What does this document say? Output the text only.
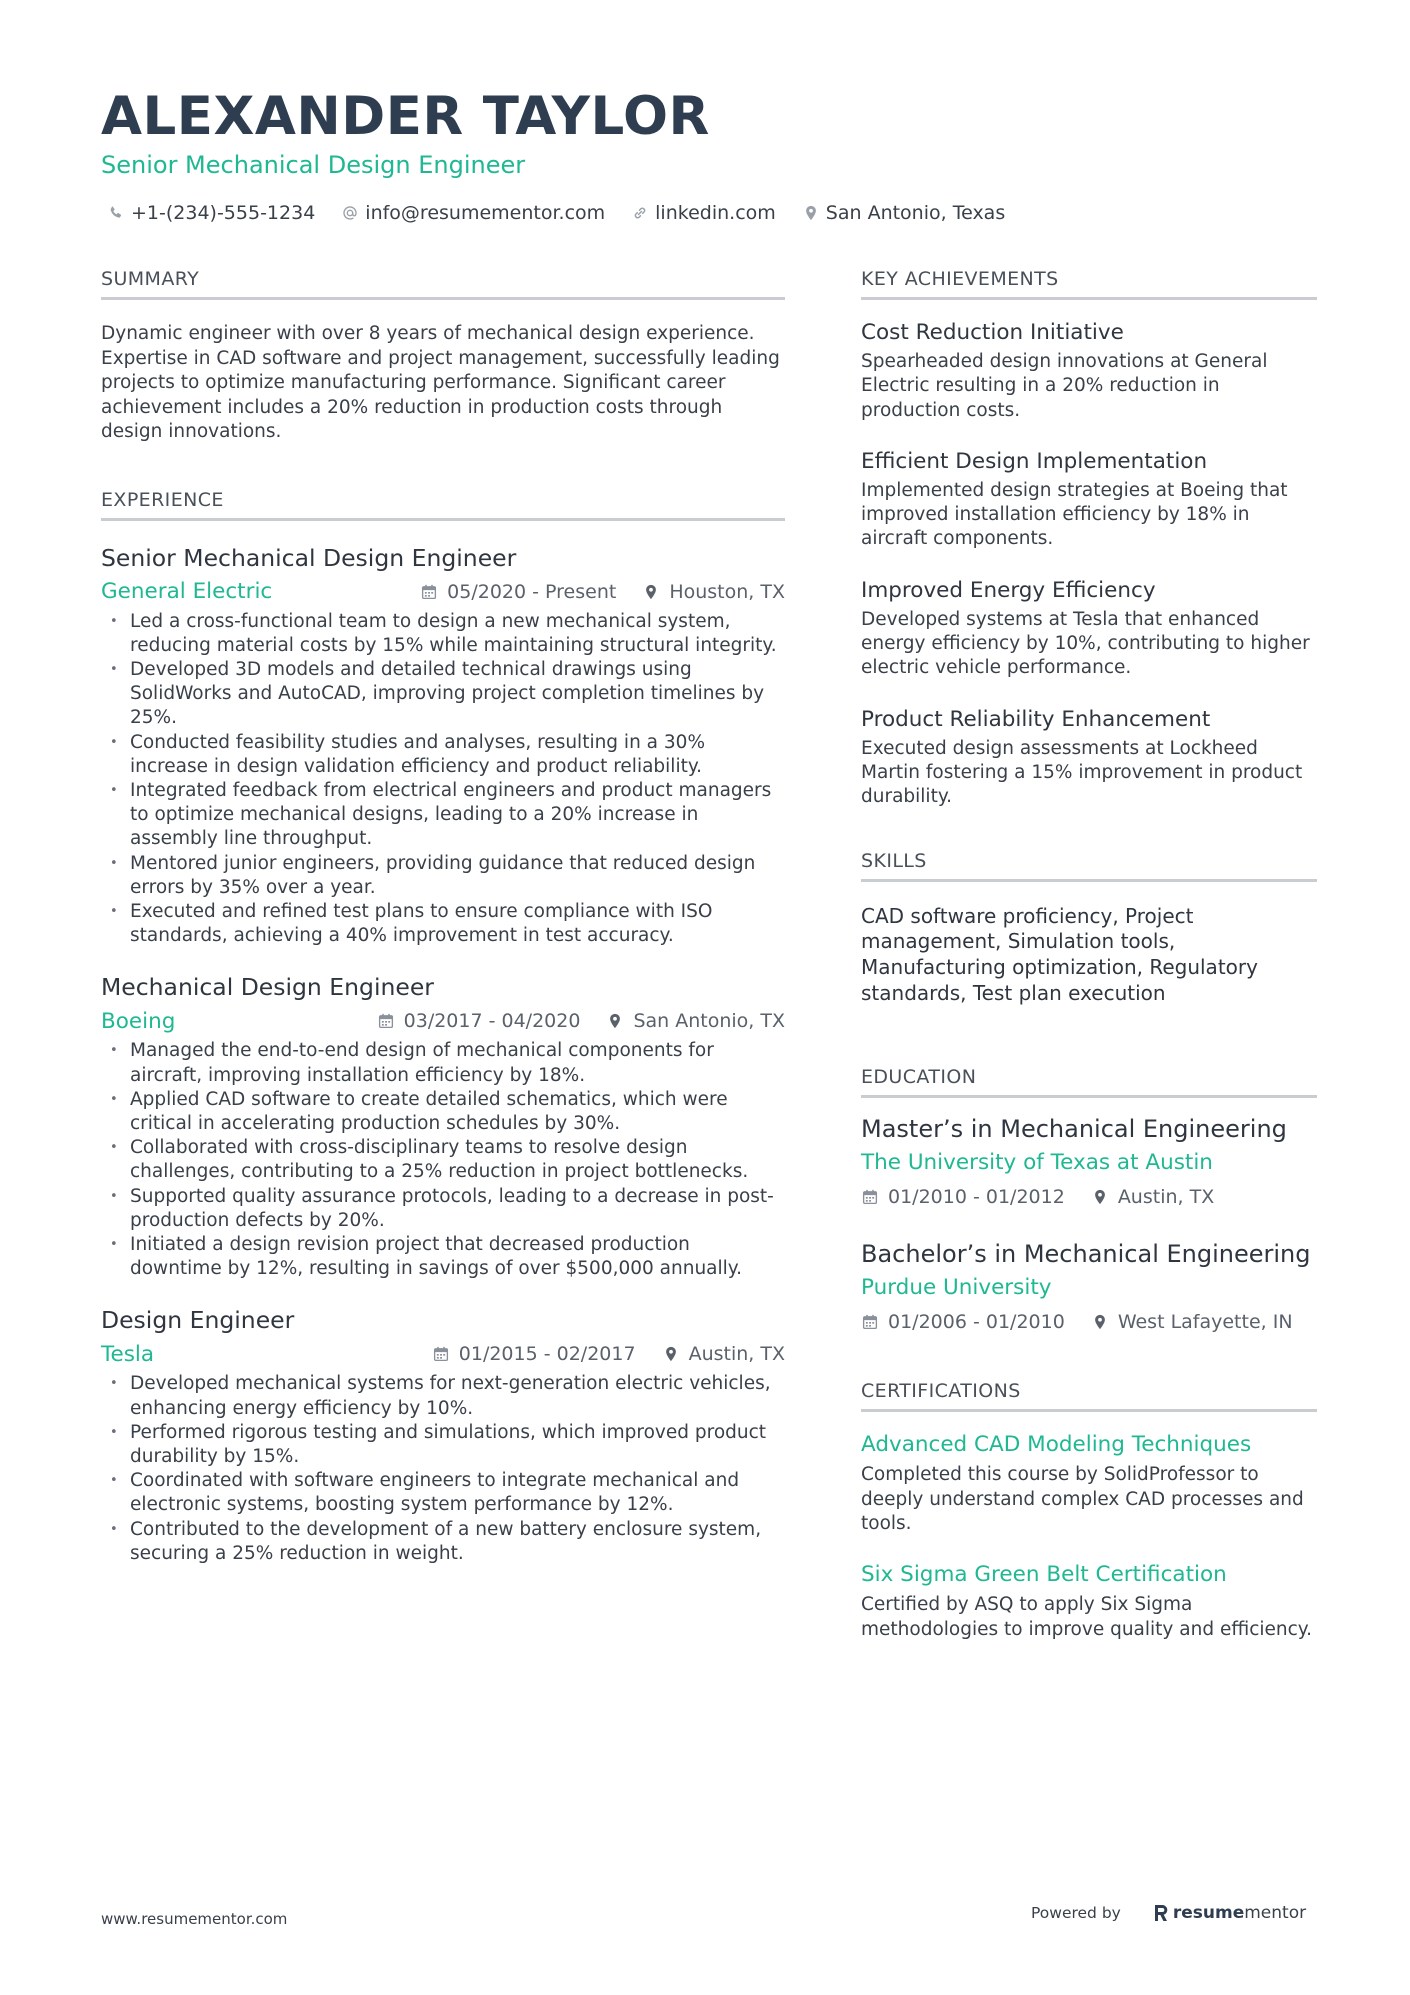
ALEXANDER TAYLOR
Senior Mechanical Design Engineer
+1-(234)-555-1234	info@resumementor.com	linkedin.com	San Antonio, Texas
SUMMARY
Dynamic engineer with over 8 years of mechanical design experience. Expertise in CAD software and project management, successfully leading projects to optimize manufacturing performance. Significant career achievement includes a 20% reduction in production costs through design innovations.
EXPERIENCE
Senior Mechanical Design Engineer
General Electric	05/2020 - Present	Houston, TX
• Led a cross-functional team to design a new mechanical system, reducing material costs by 15% while maintaining structural integrity.
• Developed 3D models and detailed technical drawings using SolidWorks and AutoCAD, improving project completion timelines by 25%.
• Conducted feasibility studies and analyses, resulting in a 30% increase in design validation efficiency and product reliability.
• Integrated feedback from electrical engineers and product managers to optimize mechanical designs, leading to a 20% increase in assembly line throughput.
• Mentored junior engineers, providing guidance that reduced design errors by 35% over a year.
• Executed and refined test plans to ensure compliance with ISO standards, achieving a 40% improvement in test accuracy.
Mechanical Design Engineer
Boeing	03/2017 - 04/2020	San Antonio, TX
• Managed the end-to-end design of mechanical components for aircraft, improving installation efficiency by 18%.
• Applied CAD software to create detailed schematics, which were critical in accelerating production schedules by 30%.
• Collaborated with cross-disciplinary teams to resolve design challenges, contributing to a 25% reduction in project bottlenecks.
• Supported quality assurance protocols, leading to a decrease in post-production defects by 20%.
• Initiated a design revision project that decreased production downtime by 12%, resulting in savings of over $500,000 annually.
Design Engineer
Tesla	01/2015 - 02/2017	Austin, TX
• Developed mechanical systems for next-generation electric vehicles, enhancing energy efficiency by 10%.
• Performed rigorous testing and simulations, which improved product durability by 15%.
• Coordinated with software engineers to integrate mechanical and electronic systems, boosting system performance by 12%.
• Contributed to the development of a new battery enclosure system, securing a 25% reduction in weight.
KEY ACHIEVEMENTS
Cost Reduction Initiative
Spearheaded design innovations at General Electric resulting in a 20% reduction in production costs.
Efficient Design Implementation
Implemented design strategies at Boeing that improved installation efficiency by 18% in aircraft components.
Improved Energy Efficiency
Developed systems at Tesla that enhanced energy efficiency by 10%, contributing to higher electric vehicle performance.
Product Reliability Enhancement
Executed design assessments at Lockheed Martin fostering a 15% improvement in product durability.
SKILLS
CAD software proficiency, Project management, Simulation tools, Manufacturing optimization, Regulatory standards, Test plan execution
EDUCATION
Master’s in Mechanical Engineering
The University of Texas at Austin
01/2010 - 01/2012	Austin, TX
Bachelor’s in Mechanical Engineering
Purdue University
01/2006 - 01/2010	West Lafayette, IN
CERTIFICATIONS
Advanced CAD Modeling Techniques
Completed this course by SolidProfessor to deeply understand complex CAD processes and tools.
Six Sigma Green Belt Certification
Certified by ASQ to apply Six Sigma methodologies to improve quality and efficiency.
www.resumementor.com	Powered by	resume mentor
